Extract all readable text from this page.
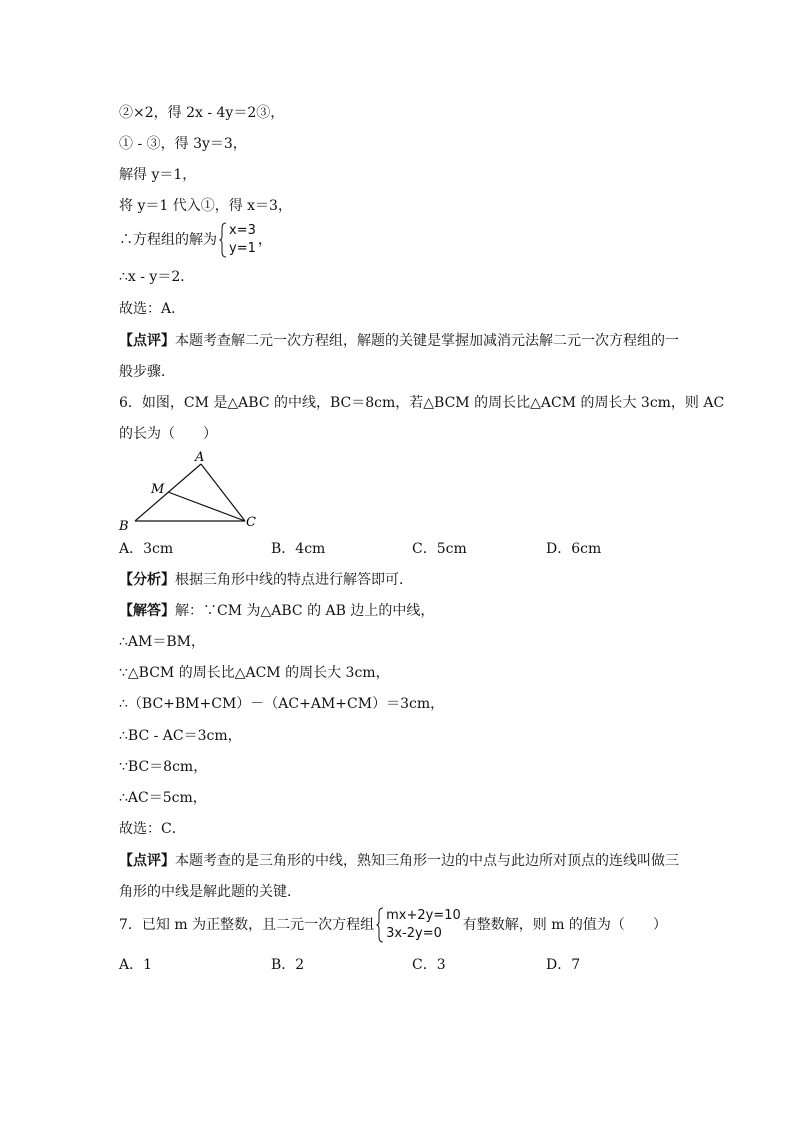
②×2，得 2x - 4y＝2③，
① - ③，得 3y＝3，
解得 y＝1，
将 y＝1 代入①，得 x＝3，
∴方程组的解为
x=3
y=1
，
∴x - y＝2．
故选：A．
【点评】本题考查解二元一次方程组，解题的关键是掌握加减消元法解二元一次方程组的一
般步骤．
6．如图，CM 是△ABC 的中线，BC＝8cm，若△BCM 的周长比△ACM 的周长大 3cm，则 AC
的长为（　　）
A
M
B	C
A．3cm	B．4cm	C．5cm	D．6cm
【分析】根据三角形中线的特点进行解答即可．
【解答】解：∵CM 为△ABC 的 AB 边上的中线，
∴AM＝BM，
∵△BCM 的周长比△ACM 的周长大 3cm，
∴（BC+BM+CM）－（AC+AM+CM）＝3cm，
∴BC - AC＝3cm，
∵BC＝8cm，
∴AC＝5cm，
故选：C．
【点评】本题考查的是三角形的中线，熟知三角形一边的中点与此边所对顶点的连线叫做三
角形的中线是解此题的关键．
7．已知 m 为正整数，且二元一次方程组
mx+2y=10
3x-2y=0
有整数解，则 m 的值为（　　）
A．1	B．2	C．3	D．7
